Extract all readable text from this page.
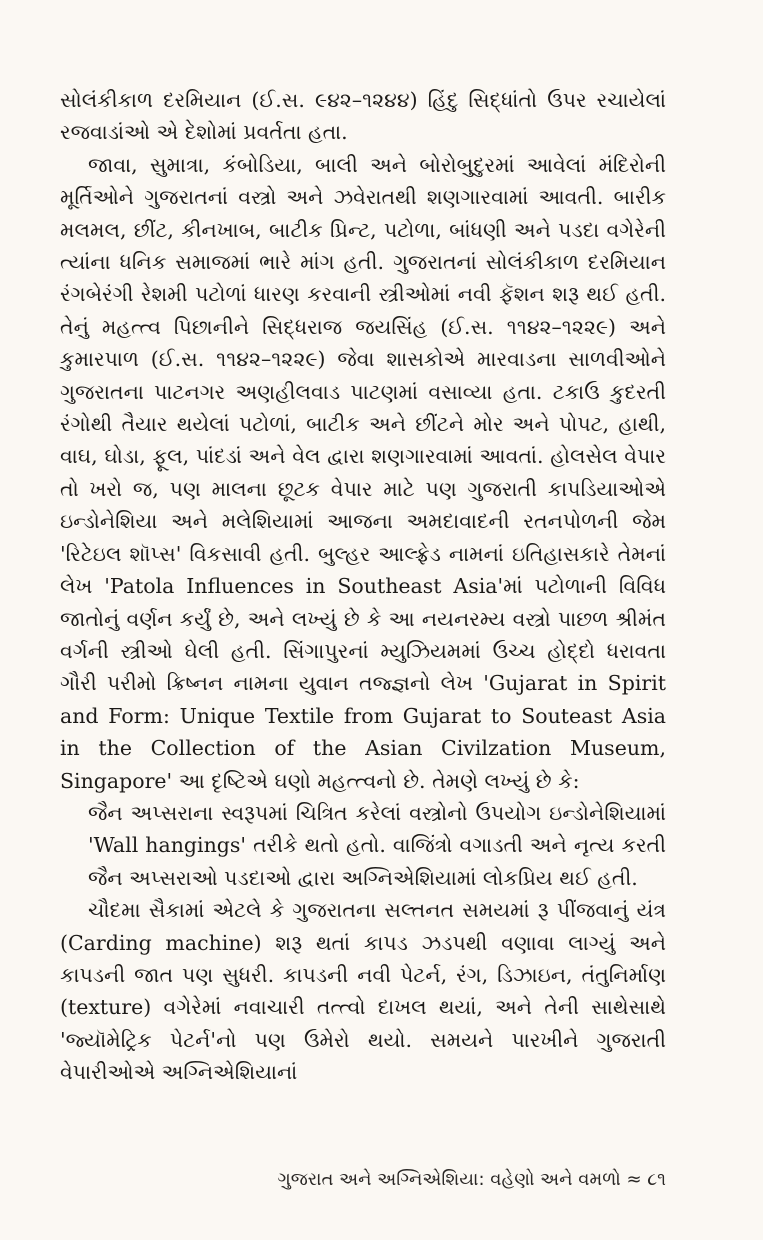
સોલંકીકાળ દરમિયાન (ઈ.સ. ૯૪૨–૧૨૪૪) હિંદુ સિદ્ધાંતો ઉપર રચાયેલાં રજવાડાંઓ એ દેશોમાં પ્રવર્તતા હતા.

જાવા, સુમાત્રા, કંબોડિયા, બાલી અને બોરોબુદુરમાં આવેલાં મંદિરોની મૂર્તિઓને ગુજરાતનાં વસ્ત્રો અને ઝવેરાતથી શણગારવામાં આવતી. બારીક મલમલ, છીંટ, કીનખાબ, બાટીક પ્રિન્ટ, પટોળા, બાંધણી અને પડદા વગેરેની ત્યાંના ધનિક સમાજમાં ભારે માંગ હતી. ગુજરાતનાં સોલંકીકાળ દરમિયાન રંગબેરંગી રેશમી પટોળાં ધારણ કરવાની સ્ત્રીઓમાં નવી ફૅશન શરૂ થઈ હતી. તેનું મહત્ત્વ પિછાનીને સિદ્ધરાજ જયસિંહ (ઈ.સ. ૧૧૪૨–૧૨૨૯) અને કુમારપાળ (ઈ.સ. ૧૧૪૨–૧૨૨૯) જેવા શાસકોએ મારવાડના સાળવીઓને ગુજરાતના પાટનગર અણહીલવાડ પાટણમાં વસાવ્યા હતા. ટકાઉ કુદરતી રંગોથી તૈયાર થયેલાં પટોળાં, બાટીક અને છીંટને મોર અને પોપટ, હાથી, વાઘ, ઘોડા, ફૂલ, પાંદડાં અને વેલ દ્વારા શણગારવામાં આવતાં. હોલસેલ વેપાર તો ખરો જ, પણ માલના છૂટક વેપાર માટે પણ ગુજરાતી કાપડિયાઓએ ઇન્ડોનેશિયા અને મલેશિયામાં આજના અમદાવાદની રતનપોળની જેમ 'રિટેઇલ શૉપ્સ' વિકસાવી હતી. બુલ્હર આલ્ફ્રેડ નામનાં ઇતિહાસકારે તેમનાં લેખ 'Patola Influences in Southeast Asia'માં પટોળાની વિવિધ જાતોનું વર્ણન કર્યું છે, અને લખ્યું છે કે આ નયનરમ્ય વસ્ત્રો પાછળ શ્રીમંત વર્ગની સ્ત્રીઓ ઘેલી હતી. સિંગાપુરનાં મ્યુઝિયમમાં ઉચ્ચ હોદ્દો ધરાવતા ગૌરી પરીમો ક્રિષ્નન નામના યુવાન તજ્જ્ઞનો લેખ 'Gujarat in Spirit and Form: Unique Textile from Gujarat to Souteast Asia in the Collection of the Asian Civilzation Museum, Singapore' આ દૃષ્ટિએ ઘણો મહત્ત્વનો છે. તેમણે લખ્યું છે કે:

જૈન અપ્સરાના સ્વરૂપમાં ચિત્રિત કરેલાં વસ્ત્રોનો ઉપયોગ ઇન્ડોનેશિયામાં 'Wall hangings' તરીકે થતો હતો. વાજિંત્રો વગાડતી અને નૃત્ય કરતી જૈન અપ્સરાઓ પડદાઓ દ્વારા અગ્નિએશિયામાં લોકપ્રિય થઈ હતી.

ચૌદમા સૈકામાં એટલે કે ગુજરાતના સલ્તનત સમયમાં રૂ પીંજવાનું યંત્ર (Carding machine) શરૂ થતાં કાપડ ઝડપથી વણાવા લાગ્યું અને કાપડની જાત પણ સુધરી. કાપડની નવી પેટર્ન, રંગ, ડિઝાઇન, તંતુનિર્માણ (texture) વગેરેમાં નવાચારી તત્ત્વો દાખલ થયાં, અને તેની સાથેસાથે 'જ્યૉમેટ્રિક પેટર્ન'નો પણ ઉમેરો થયો. સમયને પારખીને ગુજરાતી વેપારીઓએ અગ્નિએશિયાનાં

ગુજરાત અને અગ્નિએશિયા: વહેણો અને વમળો ≈ ૮૧
